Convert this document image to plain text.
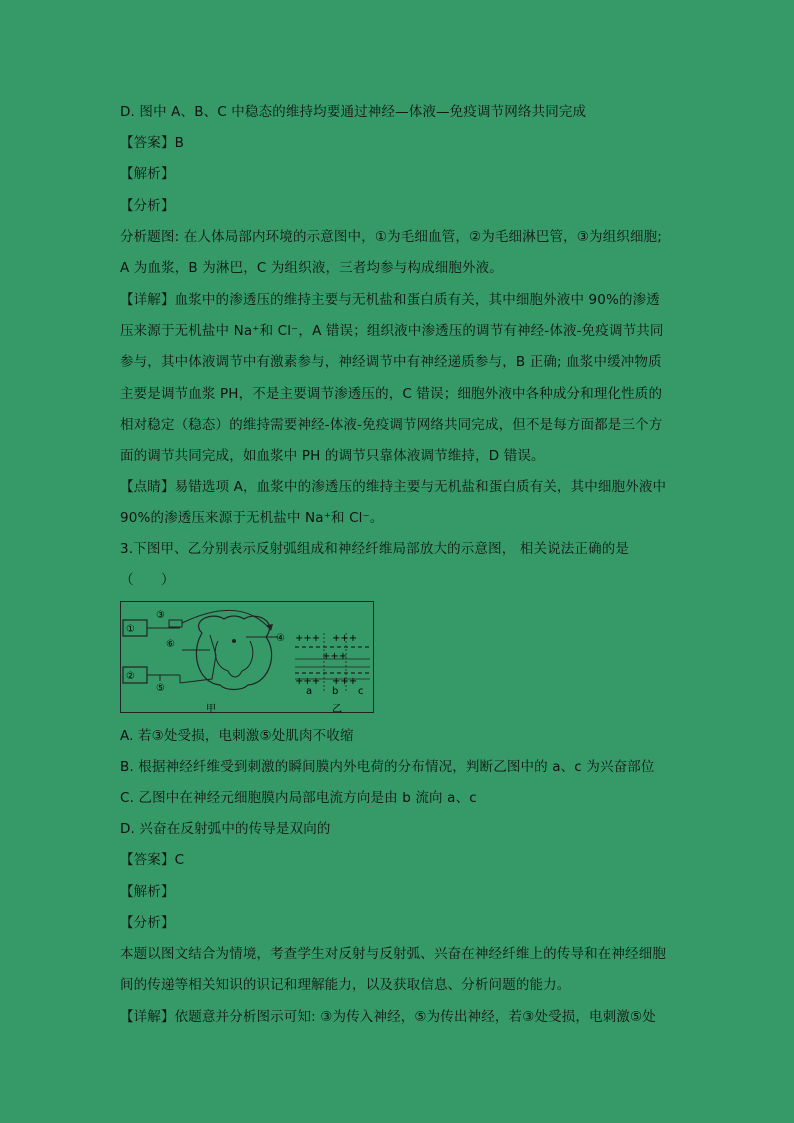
D. 图中 A、B、C 中稳态的维持均要通过神经—体液—免疫调节网络共同完成
【答案】B
【解析】
【分析】
分析题图: 在人体局部内环境的示意图中，①为毛细血管，②为毛细淋巴管，③为组织细胞;
A 为血浆，B 为淋巴，C 为组织液，三者均参与构成细胞外液。
【详解】血浆中的渗透压的维持主要与无机盐和蛋白质有关，其中细胞外液中 90%的渗透
压来源于无机盐中 Na⁺和 Cl⁻，A 错误；组织液中渗透压的调节有神经-体液-免疫调节共同
参与，其中体液调节中有激素参与，神经调节中有神经递质参与，B 正确; 血浆中缓冲物质
主要是调节血浆 PH，不是主要调节渗透压的，C 错误；细胞外液中各种成分和理化性质的
相对稳定（稳态）的维持需要神经-体液-免疫调节网络共同完成，但不是每方面都是三个方
面的调节共同完成，如血浆中 PH 的调节只靠体液调节维持，D 错误。
【点睛】易错选项 A，血浆中的渗透压的维持主要与无机盐和蛋白质有关，其中细胞外液中
90%的渗透压来源于无机盐中 Na⁺和 Cl⁻。
3.下图甲、乙分别表示反射弧组成和神经纤维局部放大的示意图， 相关说法正确的是
（　　）
①
②
③
④
⑤
⑥
甲
+++ +++
+++
+++ +++
a b c
乙
A. 若③处受损，电刺激⑤处肌肉不收缩
B. 根据神经纤维受到刺激的瞬间膜内外电荷的分布情况，判断乙图中的 a、c 为兴奋部位
C. 乙图中在神经元细胞膜内局部电流方向是由 b 流向 a、c
D. 兴奋在反射弧中的传导是双向的
【答案】C
【解析】
【分析】
本题以图文结合为情境，考查学生对反射与反射弧、兴奋在神经纤维上的传导和在神经细胞
间的传递等相关知识的识记和理解能力，以及获取信息、分析问题的能力。
【详解】依题意并分析图示可知: ③为传入神经，⑤为传出神经，若③处受损，电刺激⑤处
